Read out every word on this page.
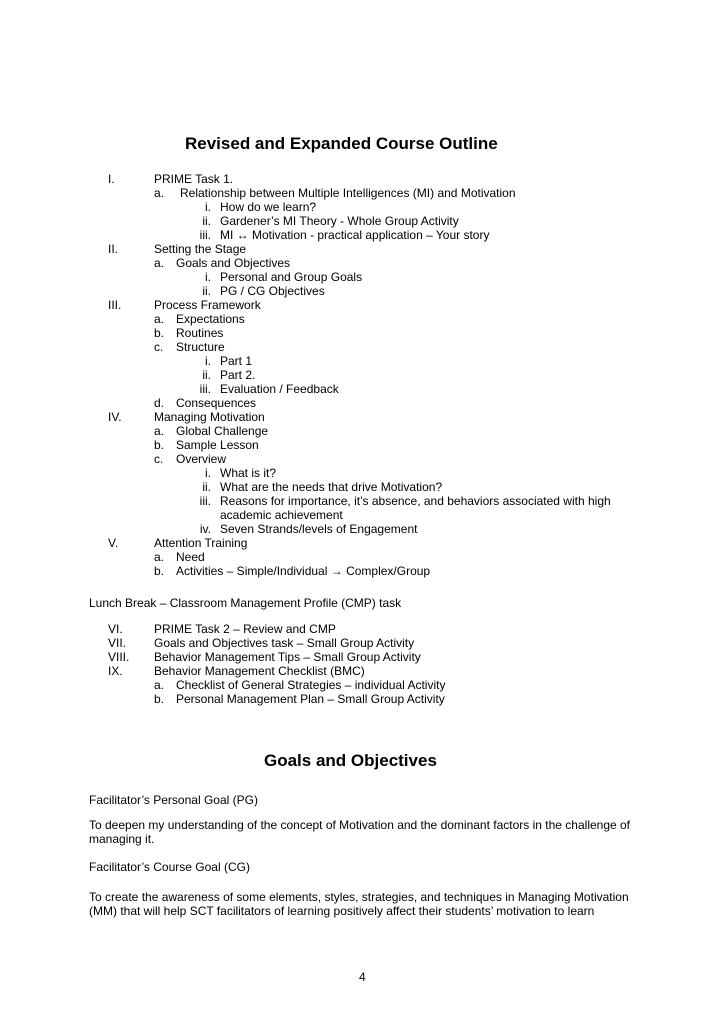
Revised and Expanded Course Outline
I.	PRIME Task 1.
a. Relationship between Multiple Intelligences (MI) and Motivation
i. How do we learn?
ii. Gardener’s MI Theory - Whole Group Activity
iii. MI ↔ Motivation - practical application – Your story
II.	Setting the Stage
a. Goals and Objectives
i. Personal and Group Goals
ii. PG / CG Objectives
III.	Process Framework
a. Expectations
b. Routines
c. Structure
i. Part 1
ii. Part 2.
iii. Evaluation / Feedback
d. Consequences
IV.	Managing Motivation
a. Global Challenge
b. Sample Lesson
c. Overview
i. What is it?
ii. What are the needs that drive Motivation?
iii. Reasons for importance, it’s absence, and behaviors associated with high
academic achievement
iv. Seven Strands/levels of Engagement
V.	Attention Training
a. Need
b. Activities – Simple/Individual → Complex/Group
Lunch Break – Classroom Management Profile (CMP) task
VI.	PRIME Task 2 – Review and CMP
VII. Goals and Objectives task – Small Group Activity
VIII. Behavior Management Tips – Small Group Activity
IX.	Behavior Management Checklist (BMC)
a. Checklist of General Strategies – individual Activity
b. Personal Management Plan – Small Group Activity
Goals and Objectives
Facilitator’s Personal Goal (PG)
To deepen my understanding of the concept of Motivation and the dominant factors in the challenge of managing it.
Facilitator’s Course Goal (CG)
To create the awareness of some elements, styles, strategies, and techniques in Managing Motivation (MM) that will help SCT facilitators of learning positively affect their students’ motivation to learn
4
